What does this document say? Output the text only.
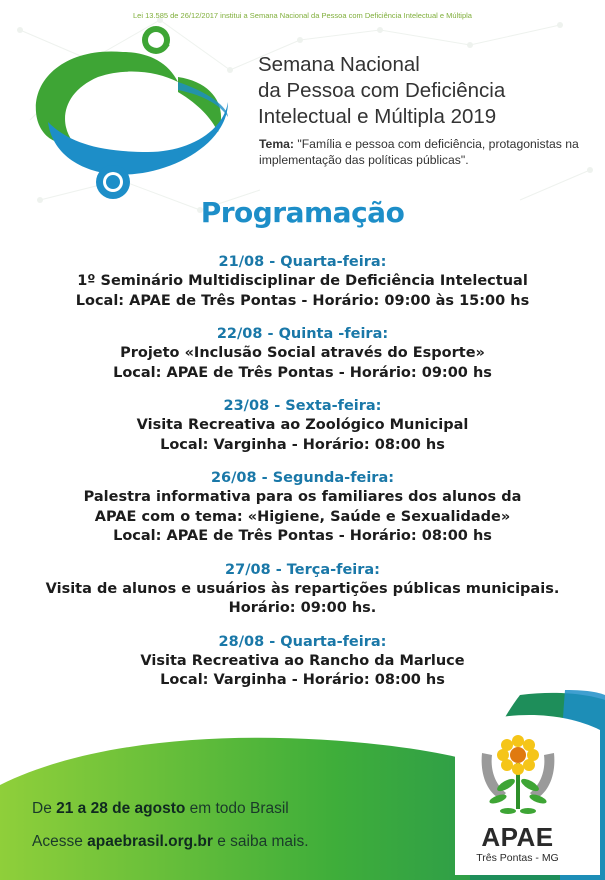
Lei 13.585 de 26/12/2017 institui a Semana Nacional da Pessoa com Deficiência Intelectual e Múltipla
Semana Nacional
da Pessoa com Deficiência
Intelectual e Múltipla 2019
Tema: "Família e pessoa com deficiência, protagonistas na implementação das políticas públicas".
Programação
21/08 - Quarta-feira:
1º Seminário Multidisciplinar de Deficiência Intelectual
Local: APAE de Três Pontas - Horário: 09:00 às 15:00 hs
22/08 - Quinta -feira:
Projeto «Inclusão Social através do Esporte»
Local: APAE de Três Pontas - Horário: 09:00 hs
23/08 - Sexta-feira:
Visita Recreativa ao Zoológico Municipal
Local: Varginha - Horário: 08:00 hs
26/08 - Segunda-feira:
Palestra informativa para os familiares dos alunos da
APAE com o tema: «Higiene, Saúde e Sexualidade»
Local: APAE de Três Pontas - Horário: 08:00 hs
27/08 - Terça-feira:
Visita de alunos e usuários às repartições públicas municipais.
Horário: 09:00 hs.
28/08 - Quarta-feira:
Visita Recreativa ao Rancho da Marluce
Local: Varginha - Horário: 08:00 hs
De 21 a 28 de agosto em todo Brasil
Acesse apaebrasil.org.br e saiba mais.	APAE
Três Pontas - MG
